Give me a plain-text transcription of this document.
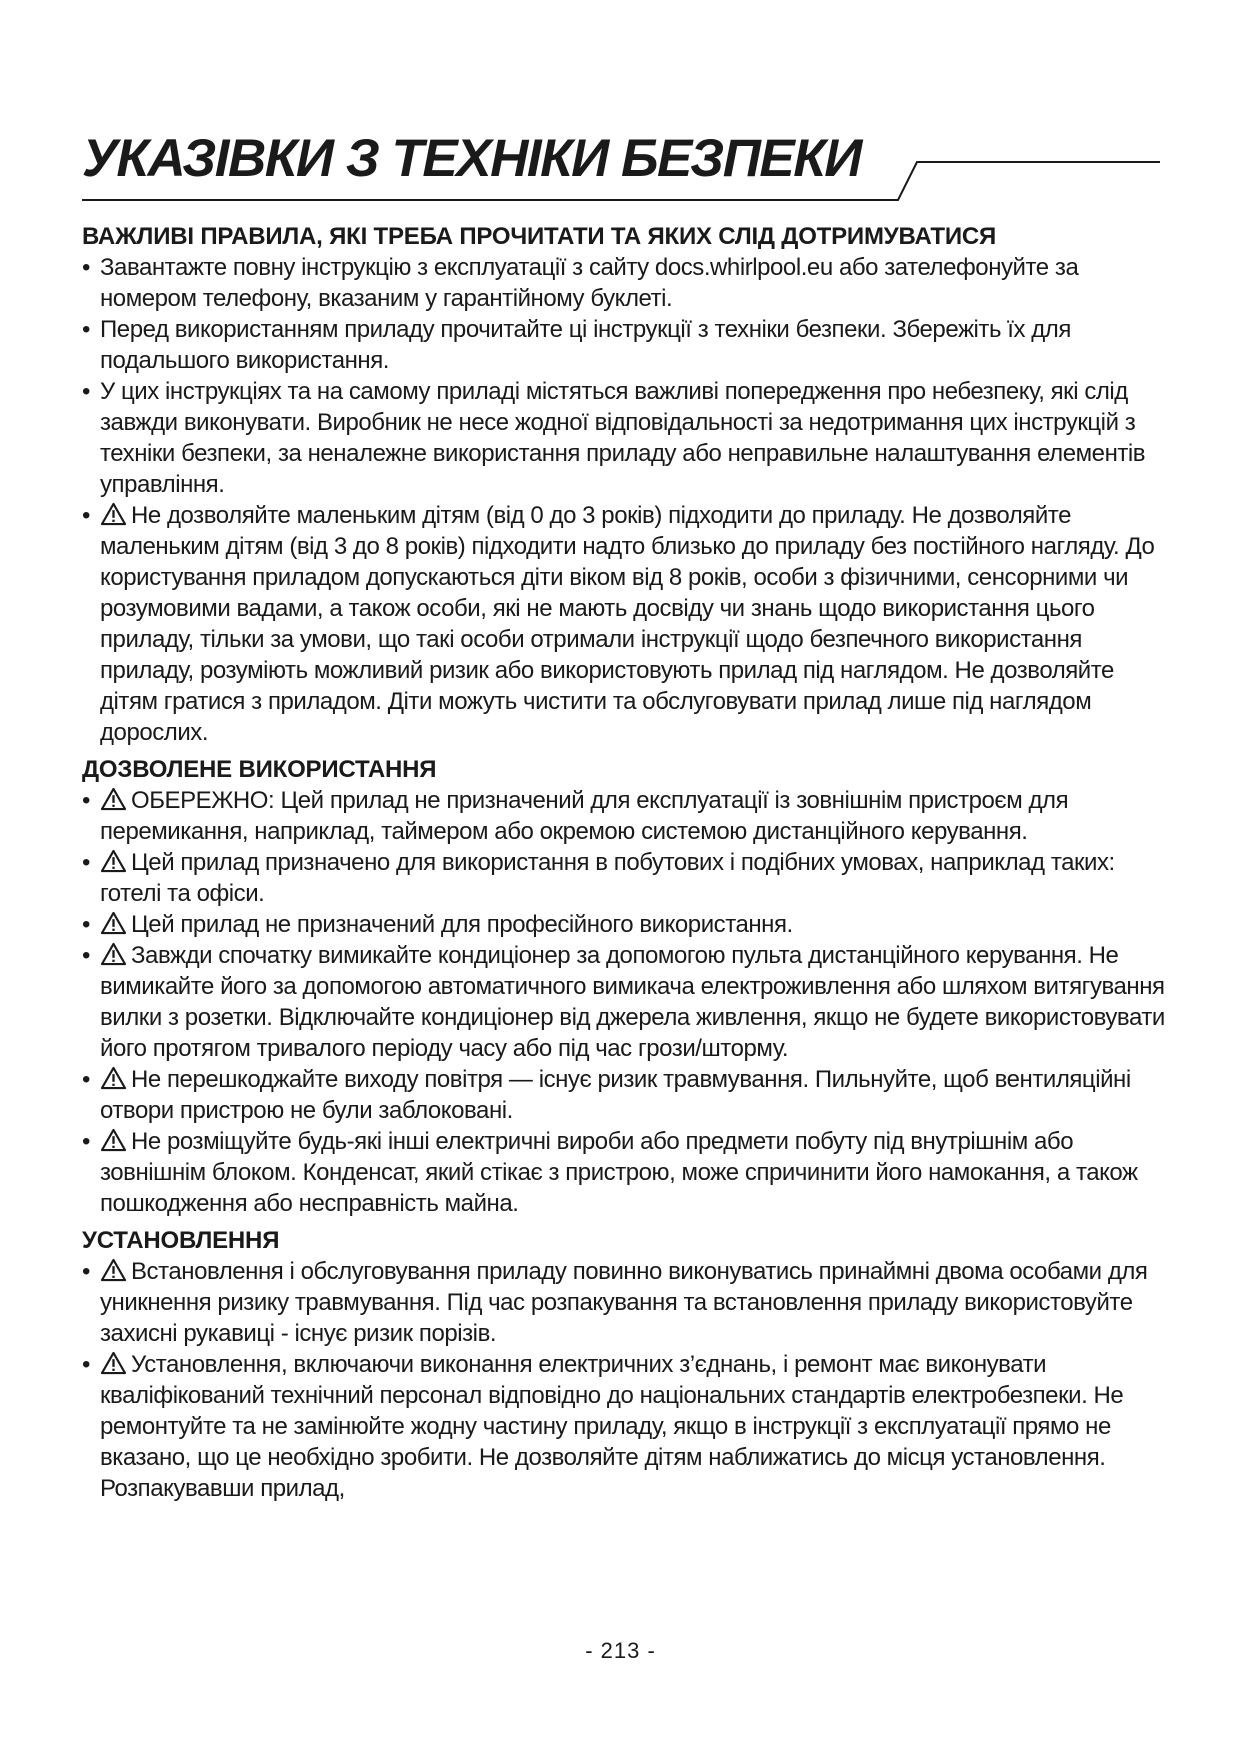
УКАЗІВКИ З ТЕХНІКИ БЕЗПЕКИ
ВАЖЛИВІ ПРАВИЛА, ЯКІ ТРЕБА ПРОЧИТАТИ ТА ЯКИХ СЛІД ДОТРИМУВАТИСЯ
• Завантажте повну інструкцію з експлуатації з сайту docs.whirlpool.eu або зателефонуйте за номером телефону, вказаним у гарантійному буклеті.
• Перед використанням приладу прочитайте ці інструкції з техніки безпеки. Збережіть їх для подальшого використання.
• У цих інструкціях та на самому приладі містяться важливі попередження про небезпеку, які слід завжди виконувати. Виробник не несе жодної відповідальності за недотримання цих інструкцій з техніки безпеки, за неналежне використання приладу або неправильне налаштування елементів управління.
• Не дозволяйте маленьким дітям (від 0 до 3 років) підходити до приладу. Не дозволяйте маленьким дітям (від 3 до 8 років) підходити надто близько до приладу без постійного нагляду. До користування приладом допускаються діти віком від 8 років, особи з фізичними, сенсорними чи розумовими вадами, а також особи, які не мають досвіду чи знань щодо використання цього приладу, тільки за умови, що такі особи отримали інструкції щодо безпечного використання приладу, розуміють можливий ризик або використовують прилад під наглядом. Не дозволяйте дітям гратися з приладом. Діти можуть чистити та обслуговувати прилад лише під наглядом дорослих.
ДОЗВОЛЕНЕ ВИКОРИСТАННЯ
• ОБЕРЕЖНО: Цей прилад не призначений для експлуатації із зовнішнім пристроєм для перемикання, наприклад, таймером або окремою системою дистанційного керування.
• Цей прилад призначено для використання в побутових і подібних умовах, наприклад таких: готелі та офіси.
• Цей прилад не призначений для професійного використання.
• Завжди спочатку вимикайте кондиціонер за допомогою пульта дистанційного керування. Не вимикайте його за допомогою автоматичного вимикача електроживлення або шляхом витягування вилки з розетки. Відключайте кондиціонер від джерела живлення, якщо не будете використовувати його протягом тривалого періоду часу або під час грози/шторму.
• Не перешкоджайте виходу повітря — існує ризик травмування. Пильнуйте, щоб вентиляційні отвори пристрою не були заблоковані.
• Не розміщуйте будь-які інші електричні вироби або предмети побуту під внутрішнім або зовнішнім блоком. Конденсат, який стікає з пристрою, може спричинити його намокання, а також пошкодження або несправність майна.
УСТАНОВЛЕННЯ
• Встановлення і обслуговування приладу повинно виконуватись принаймні двома особами для уникнення ризику травмування. Під час розпакування та встановлення приладу використовуйте захисні рукавиці - існує ризик порізів.
• Установлення, включаючи виконання електричних з’єднань, і ремонт має виконувати кваліфікований технічний персонал відповідно до національних стандартів електробезпеки. Не ремонтуйте та не замінюйте жодну частину приладу, якщо в інструкції з експлуатації прямо не вказано, що це необхідно зробити. Не дозволяйте дітям наближатись до місця установлення. Розпакувавши прилад,
- 213 -
